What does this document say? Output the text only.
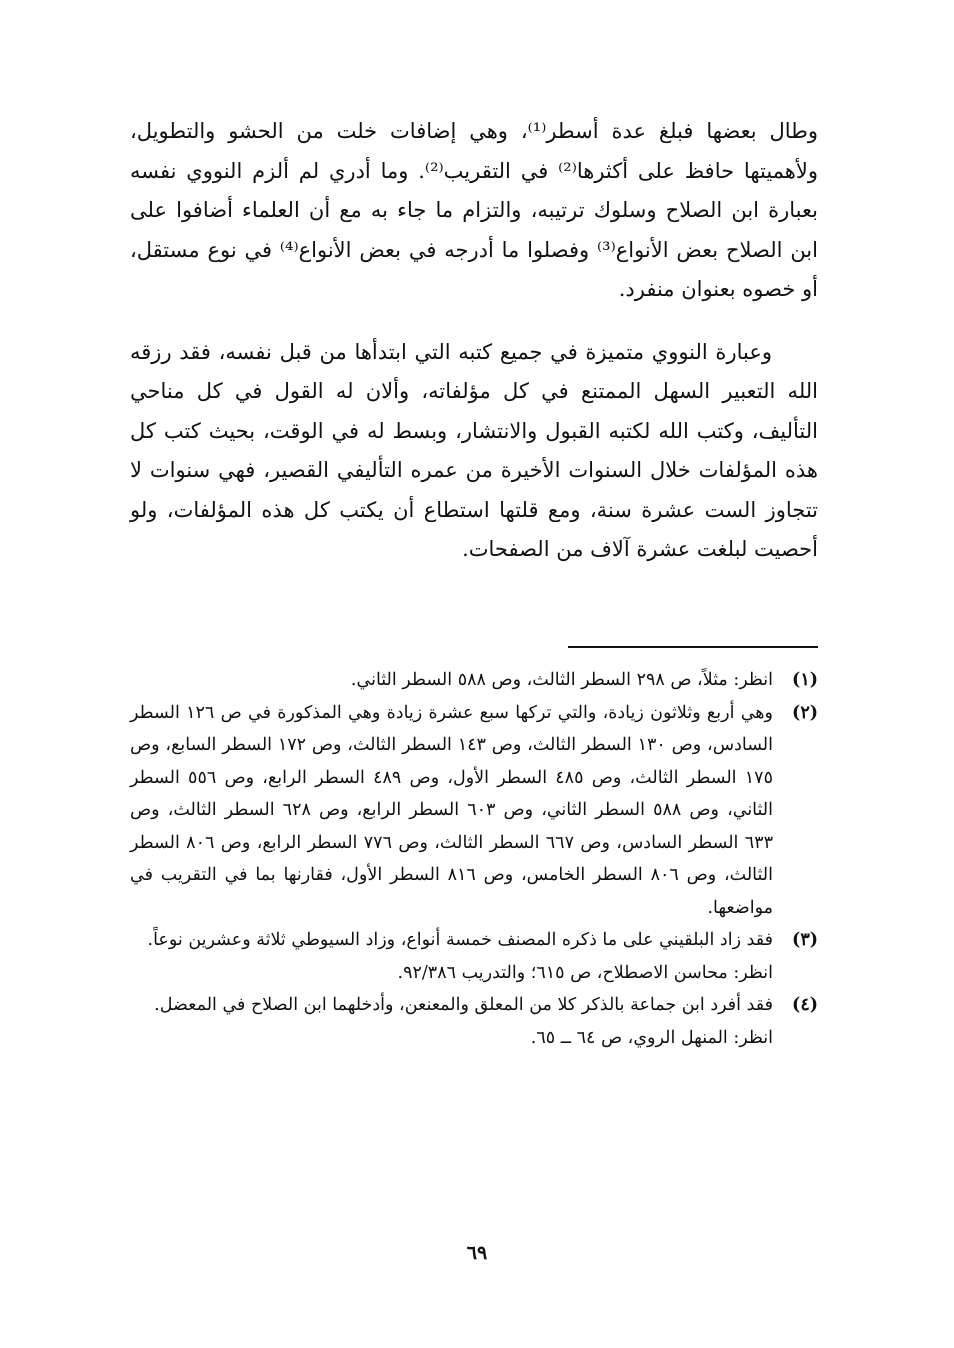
وطال بعضها فبلغ عدة أسطر⁽¹⁾، وهي إضافات خلت من الحشو والتطويل، ولأهميتها حافظ على أكثرها⁽²⁾ في التقريب⁽²⁾. وما أدري لم ألزم النووي نفسه بعبارة ابن الصلاح وسلوك ترتيبه، والتزام ما جاء به مع أن العلماء أضافوا على ابن الصلاح بعض الأنواع⁽³⁾ وفصلوا ما أدرجه في بعض الأنواع⁽⁴⁾ في نوع مستقل، أو خصوه بعنوان منفرد.

وعبارة النووي متميزة في جميع كتبه التي ابتدأها من قبل نفسه، فقد رزقه الله التعبير السهل الممتنع في كل مؤلفاته، وألان له القول في كل مناحي التأليف، وكتب الله لكتبه القبول والانتشار، وبسط له في الوقت، بحيث كتب كل هذه المؤلفات خلال السنوات الأخيرة من عمره التأليفي القصير، فهي سنوات لا تتجاوز الست عشرة سنة، ومع قلتها استطاع أن يكتب كل هذه المؤلفات، ولو أحصيت لبلغت عشرة آلاف من الصفحات.

(١)
انظر: مثلاً، ص ٢٩٨ السطر الثالث، وص ٥٨٨ السطر الثاني.
(٢)
وهي أربع وثلاثون زيادة، والتي تركها سبع عشرة زيادة وهي المذكورة في ص ١٢٦ السطر السادس، وص ١٣٠ السطر الثالث، وص ١٤٣ السطر الثالث، وص ١٧٢ السطر السابع، وص ١٧٥ السطر الثالث، وص ٤٨٥ السطر الأول، وص ٤٨٩ السطر الرابع، وص ٥٥٦ السطر الثاني، وص ٥٨٨ السطر الثاني، وص ٦٠٣ السطر الرابع، وص ٦٢٨ السطر الثالث، وص ٦٣٣ السطر السادس، وص ٦٦٧ السطر الثالث، وص ٧٧٦ السطر الرابع، وص ٨٠٦ السطر الثالث، وص ٨٠٦ السطر الخامس، وص ٨١٦ السطر الأول، فقارنها بما في التقريب في مواضعها.
(٣)
فقد زاد البلقيني على ما ذكره المصنف خمسة أنواع، وزاد السيوطي ثلاثة وعشرين نوعاً.
انظر: محاسن الاصطلاح، ص ٦١٥؛ والتدريب ٩٢/٣٨٦.
(٤)
فقد أفرد ابن جماعة بالذكر كلا من المعلق والمعنعن، وأدخلهما ابن الصلاح في المعضل.
انظر: المنهل الروي، ص ٦٤ ــ ٦٥.
٦٩
